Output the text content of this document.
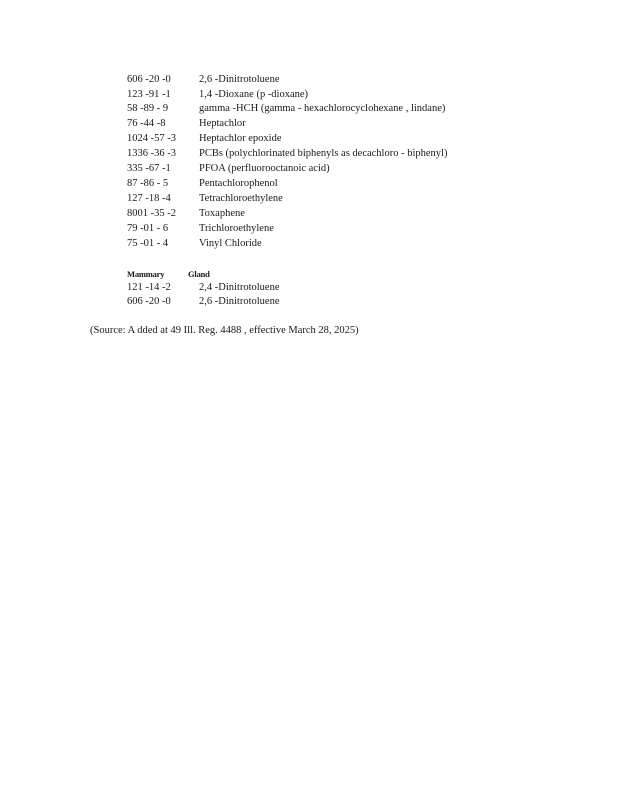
606 -20 -0	2,6 -Dinitrotoluene
123 -91 -1	1,4 -Dioxane (p -dioxane)
58 -89 - 9	gamma -HCH (gamma - hexachlorocyclohexane , lindane)
76 -44 -8	Heptachlor
1024 -57 -3	Heptachlor epoxide
1336 -36 -3	PCBs (polychlorinated biphenyls as decachloro - biphenyl)
335 -67 -1	PFOA (perfluorooctanoic acid)
87 -86 - 5	Pentachlorophenol
127 -18 -4	Tetrachloroethylene
8001 -35 -2	Toxaphene
79 -01 - 6	Trichloroethylene
75 -01 - 4	Vinyl Chloride
Mammary	Gland
121 -14 -2	2,4 -Dinitrotoluene
606 -20 -0	2,6 -Dinitrotoluene
(Source: A dded at 49 Ill. Reg. 4488 , effective March 28, 2025)
